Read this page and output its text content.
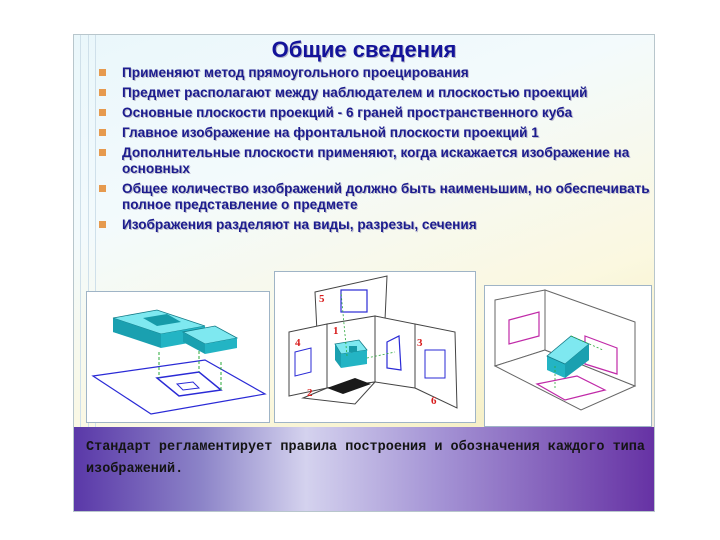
Общие сведения
Применяют метод прямоугольного проецирования
Предмет располагают между наблюдателем и плоскостью проекций
Основные плоскости проекций - 6 граней пространственного куба
Главное изображение на фронтальной плоскости проекций 1
Дополнительные плоскости применяют, когда искажается изображение на основных
Общее количество изображений должно быть наименьшим, но обеспечивать полное представление о предмете
Изображения разделяют на виды, разрезы, сечения
1
2
3
4
5
6

Стандарт регламентирует правила построения и обозначения каждого типа изображений.
